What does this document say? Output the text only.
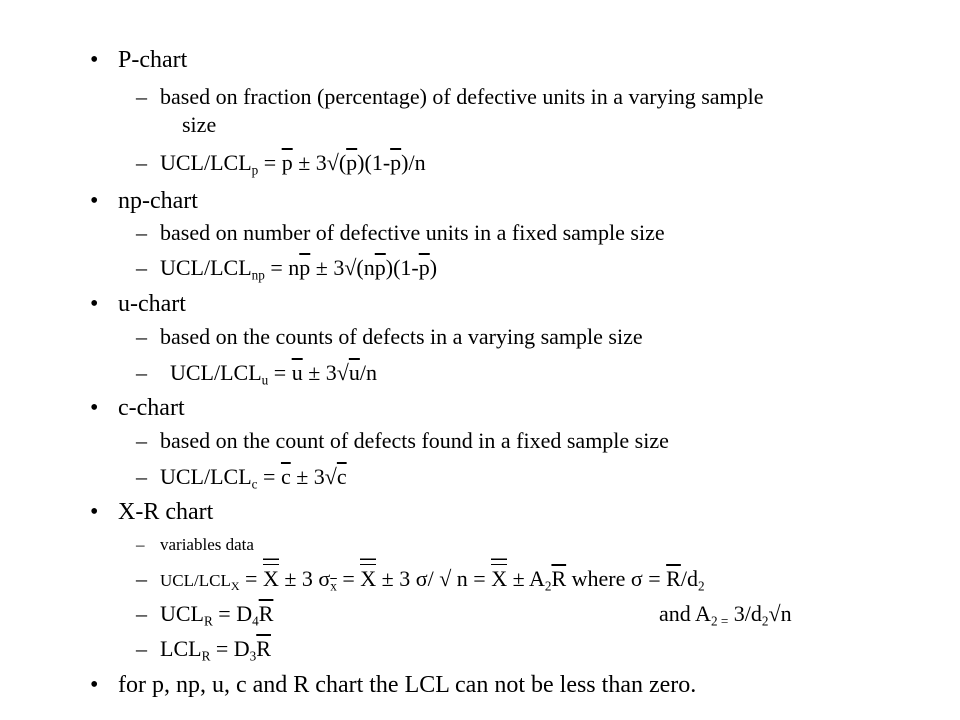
• P-chart
– based on fraction (percentage) of defective units in a varying sample
size
– UCL/$LCL_p = \overline{p} \pm 3√(\overline{p})(1-\overline{p})/n$
• np-chart
– based on number of defective units in a fixed sample size
– UCL/$LCL_{np} = n\overline{p} \pm 3√(n\overline{p})(1-\overline{p})$
• u-chart
– based on the counts of defects in a varying sample size
– UCL/$LCL_u = \overline{u} \pm 3√u/n$
• c-chart
– based on the count of defects found in a fixed sample size
– UCL/$LCL_c = \overline{c} \pm 3√c$
• X-R chart
– variables data
– UCL/$LCL_X = X \pm 3$ $\sigma_{\overline{x}} = X \pm 3$ σ/ √ $n = X \pm A_2\overline{R}$ where $\sigma = \overline{R}/d_2$
– $UCL_R = D_4\overline{R}$	and $A_{2 =}$ $3/d_2√n$
– $LCL_R = D_3\overline{R}$
• for p, np, u, c and R chart the LCL can not be less than zero.
